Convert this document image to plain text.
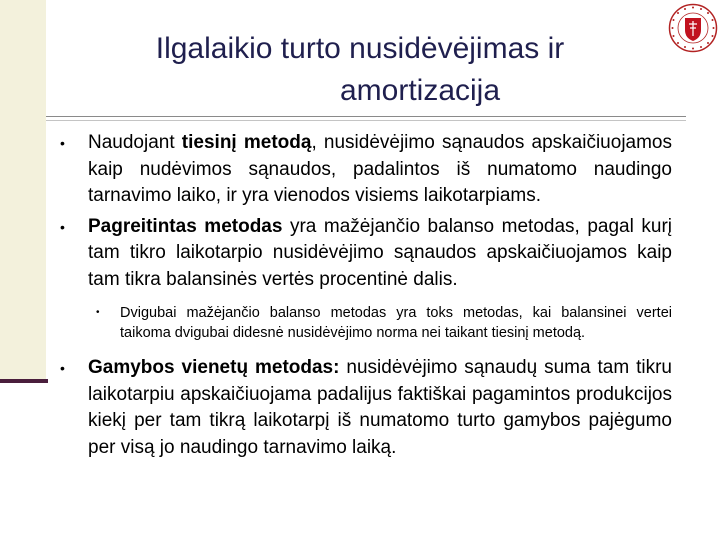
Ilgalaikio turto nusidėvėjimas ir
amortizacija
• Naudojant tiesinį metodą, nusidėvėjimo sąnaudos apskaičiuojamos kaip nudėvimos sąnaudos, padalintos iš numatomo naudingo tarnavimo laiko, ir yra vienodos visiems laikotarpiams.
• Pagreitintas metodas yra mažėjančio balanso metodas, pagal kurį tam tikro laikotarpio nusidėvėjimo sąnaudos apskaičiuojamos kaip tam tikra balansinės vertės procentinė dalis.
• Dvigubai mažėjančio balanso metodas yra toks metodas, kai balansinei vertei taikoma dvigubai didesnė nusidėvėjimo norma nei taikant tiesinį metodą.
• Gamybos vienetų metodas: nusidėvėjimo sąnaudų suma tam tikru laikotarpiu apskaičiuojama padalijus faktiškai pagamintos produkcijos kiekį per tam tikrą laikotarpį iš numatomo turto gamybos pajėgumo per visą jo naudingo tarnavimo laiką.
